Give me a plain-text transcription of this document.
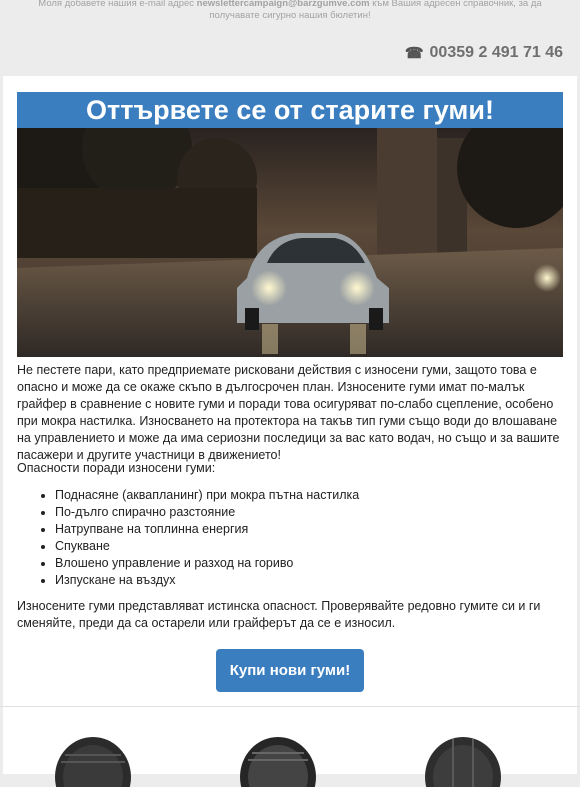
Моля добавете нашия e-mail адрес newslettercampaign@barzgumve.com към Вашия адресен справочник, за да получавате сигурно нашия бюлетин!
☎ 00359 2 491 71 46
Оттървете се от старите гуми!
Не пестете пари, като предприемате рисковани действия с износени гуми, защото това е опасно и може да се окаже скъпо в дългосрочен план. Износените гуми имат по-малък грайфер в сравнение с новите гуми и поради това осигуряват по-слабо сцепление, особено при мокра настилка. Износването на протектора на такъв тип гуми също води до влошаване на управлението и може да има сериозни последици за вас като водач, но също и за вашите пасажери и другите участници в движението!
Опасности поради износени гуми:
• Поднасяне (аквапланинг) при мокра пътна настилка
• По-дълго спирачно разстояние
• Натрупване на топлинна енергия
• Спукване
• Влошено управление и разход на гориво
• Изпускане на въздух
Износените гуми представляват истинска опасност. Проверявайте редовно гумите си и ги сменяйте, преди да са остарели или грайферът да се е износил.
Купи нови гуми!
